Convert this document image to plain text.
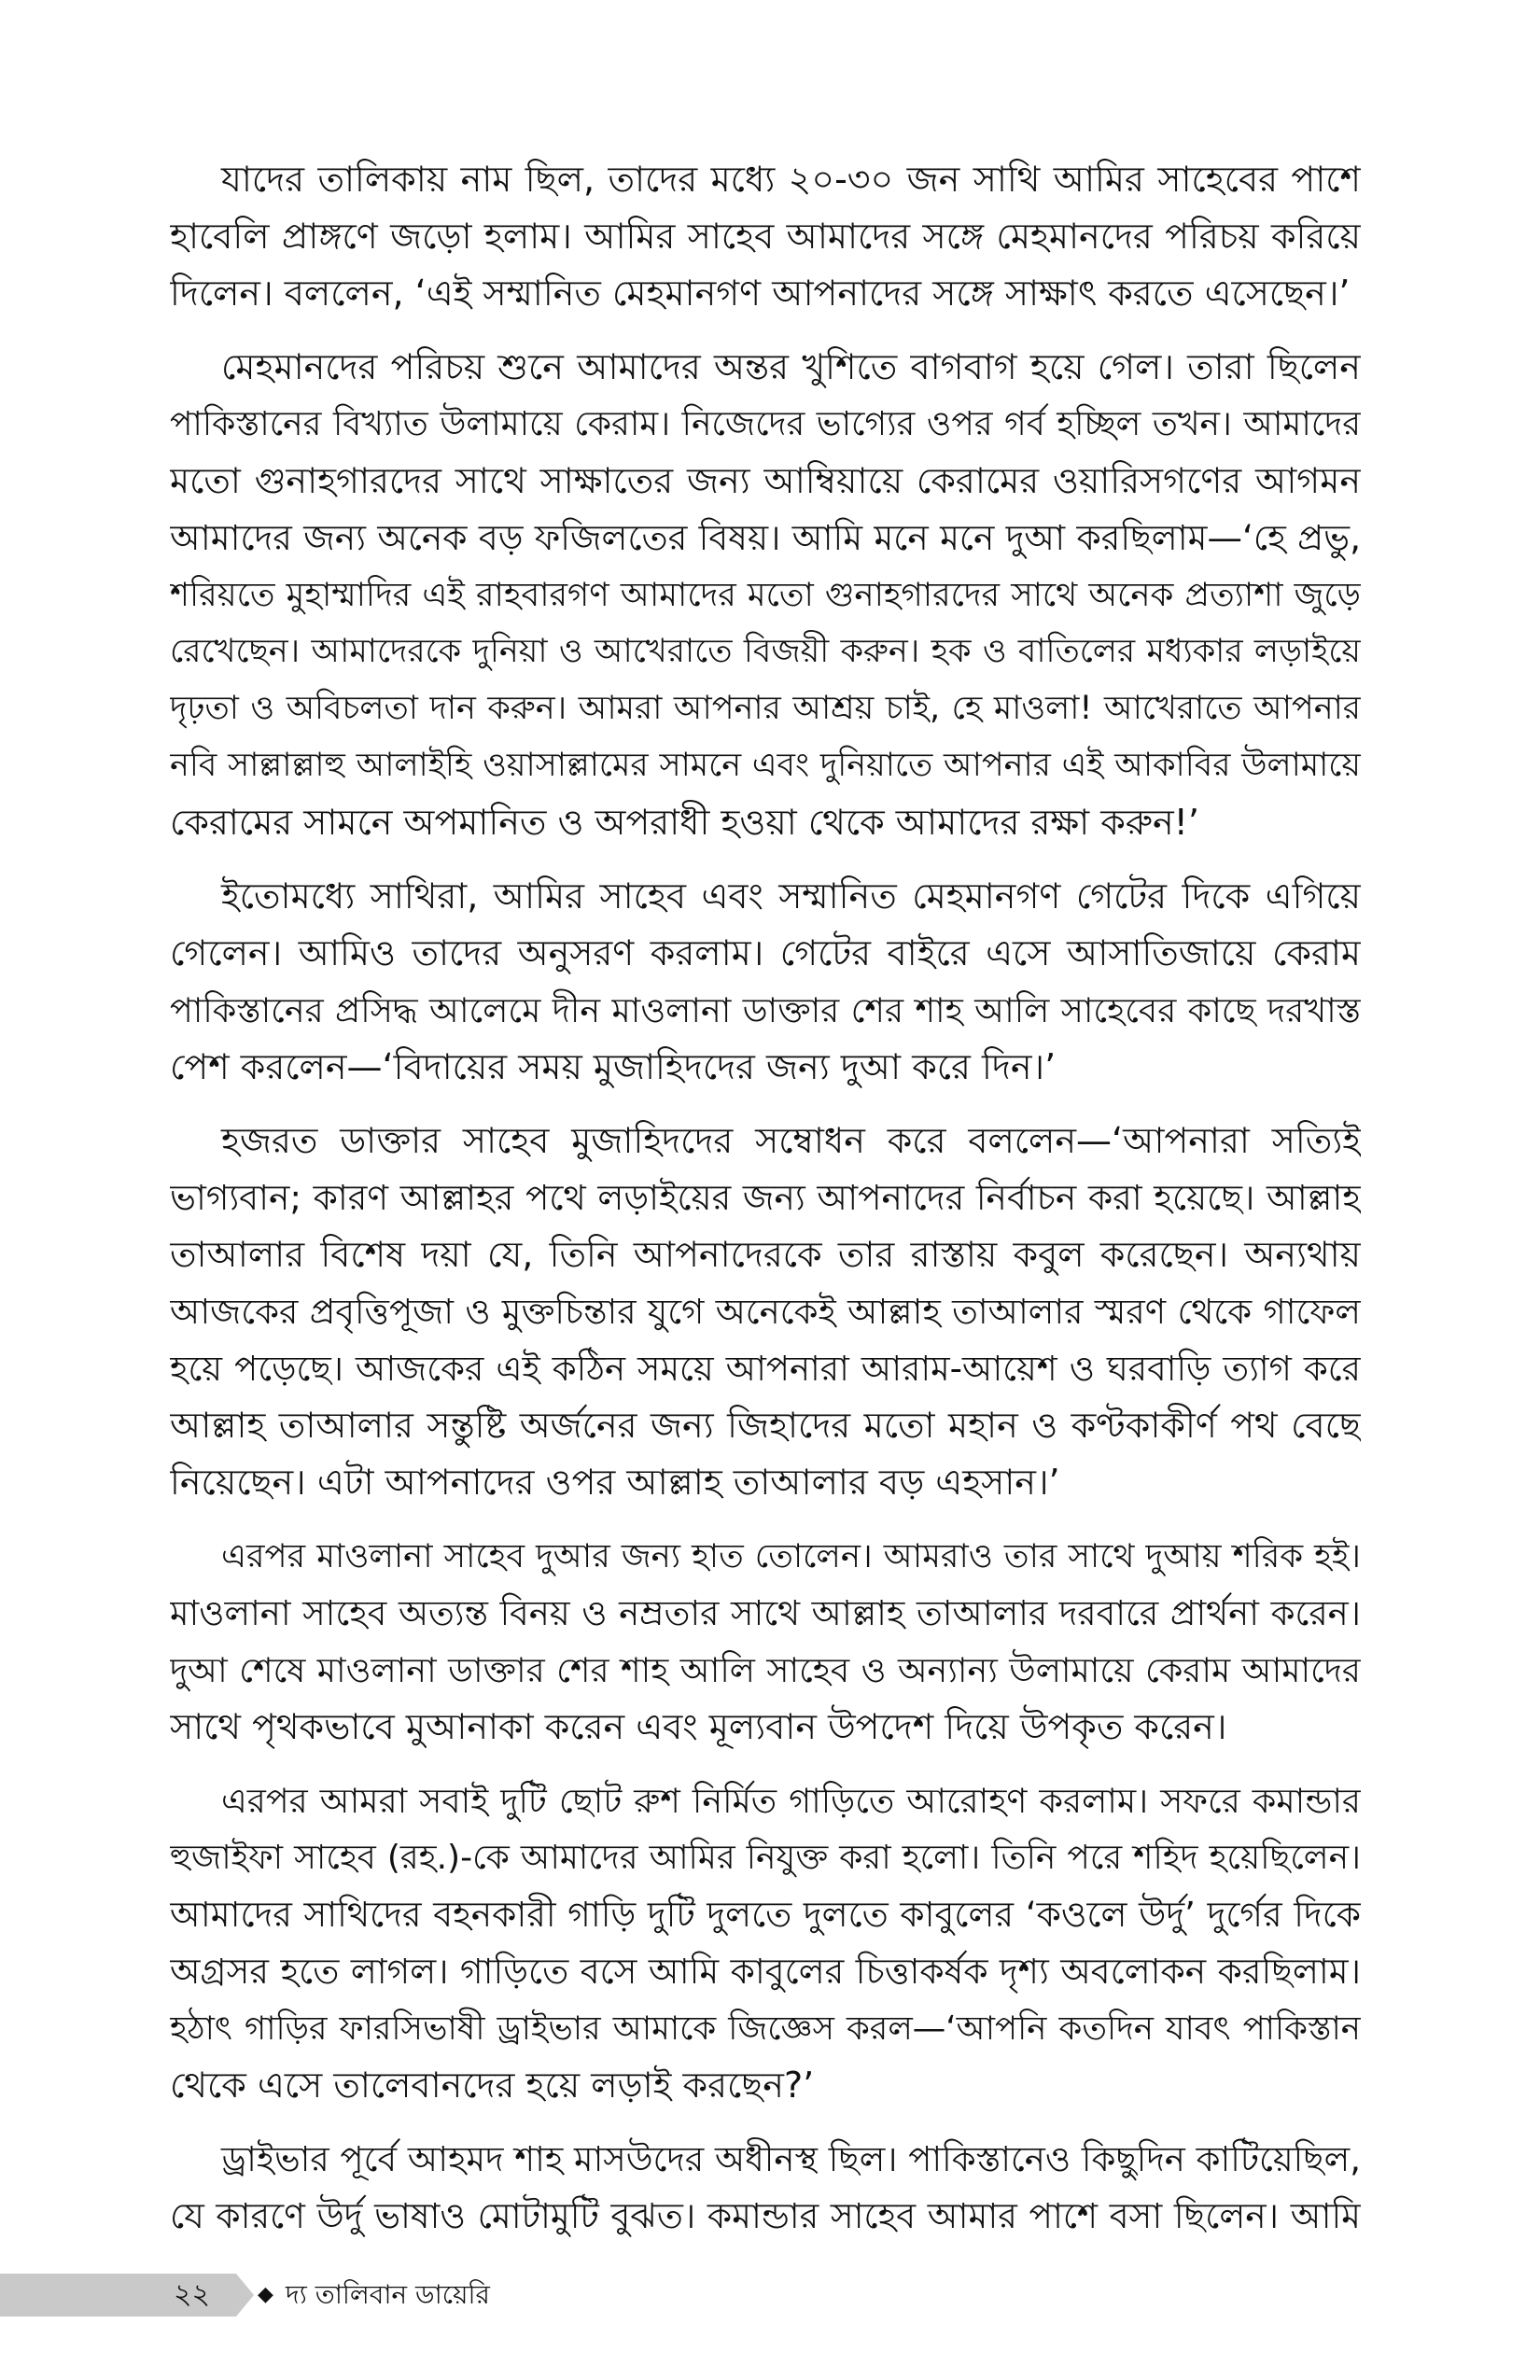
যাদের তালিকায় নাম ছিল, তাদের মধ্যে ২০-৩০ জন সাথি আমির সাহেবের পাশে
হাবেলি প্রাঙ্গণে জড়ো হলাম। আমির সাহেব আমাদের সঙ্গে মেহমানদের পরিচয় করিয়ে
দিলেন। বললেন, ‘এই সম্মানিত মেহমানগণ আপনাদের সঙ্গে সাক্ষাৎ করতে এসেছেন।’
মেহমানদের পরিচয় শুনে আমাদের অন্তর খুশিতে বাগবাগ হয়ে গেল। তারা ছিলেন
পাকিস্তানের বিখ্যাত উলামায়ে কেরাম। নিজেদের ভাগ্যের ওপর গর্ব হচ্ছিল তখন। আমাদের
মতো গুনাহগারদের সাথে সাক্ষাতের জন্য আম্বিয়ায়ে কেরামের ওয়ারিসগণের আগমন
আমাদের জন্য অনেক বড় ফজিলতের বিষয়। আমি মনে মনে দুআ করছিলাম—‘হে প্রভু,
শরিয়তে মুহাম্মাদির এই রাহবারগণ আমাদের মতো গুনাহগারদের সাথে অনেক প্রত্যাশা জুড়ে
রেখেছেন। আমাদেরকে দুনিয়া ও আখেরাতে বিজয়ী করুন। হক ও বাতিলের মধ্যকার লড়াইয়ে
দৃঢ়তা ও অবিচলতা দান করুন। আমরা আপনার আশ্রয় চাই, হে মাওলা! আখেরাতে আপনার
নবি সাল্লাল্লাহু আলাইহি ওয়াসাল্লামের সামনে এবং দুনিয়াতে আপনার এই আকাবির উলামায়ে
কেরামের সামনে অপমানিত ও অপরাধী হওয়া থেকে আমাদের রক্ষা করুন!’
ইতোমধ্যে সাথিরা, আমির সাহেব এবং সম্মানিত মেহমানগণ গেটের দিকে এগিয়ে
গেলেন। আমিও তাদের অনুসরণ করলাম। গেটের বাইরে এসে আসাতিজায়ে কেরাম
পাকিস্তানের প্রসিদ্ধ আলেমে দীন মাওলানা ডাক্তার শের শাহ আলি সাহেবের কাছে দরখাস্ত
পেশ করলেন—‘বিদায়ের সময় মুজাহিদদের জন্য দুআ করে দিন।’
হজরত ডাক্তার সাহেব মুজাহিদদের সম্বোধন করে বললেন—‘আপনারা সত্যিই
ভাগ্যবান; কারণ আল্লাহর পথে লড়াইয়ের জন্য আপনাদের নির্বাচন করা হয়েছে। আল্লাহ
তাআলার বিশেষ দয়া যে, তিনি আপনাদেরকে তার রাস্তায় কবুল করেছেন। অন্যথায়
আজকের প্রবৃত্তিপূজা ও মুক্তচিন্তার যুগে অনেকেই আল্লাহ তাআলার স্মরণ থেকে গাফেল
হয়ে পড়েছে। আজকের এই কঠিন সময়ে আপনারা আরাম-আয়েশ ও ঘরবাড়ি ত্যাগ করে
আল্লাহ তাআলার সন্তুষ্টি অর্জনের জন্য জিহাদের মতো মহান ও কণ্টকাকীর্ণ পথ বেছে
নিয়েছেন। এটা আপনাদের ওপর আল্লাহ তাআলার বড় এহসান।’
এরপর মাওলানা সাহেব দুআর জন্য হাত তোলেন। আমরাও তার সাথে দুআয় শরিক হই।
মাওলানা সাহেব অত্যন্ত বিনয় ও নম্রতার সাথে আল্লাহ তাআলার দরবারে প্রার্থনা করেন।
দুআ শেষে মাওলানা ডাক্তার শের শাহ আলি সাহেব ও অন্যান্য উলামায়ে কেরাম আমাদের
সাথে পৃথকভাবে মুআনাকা করেন এবং মূল্যবান উপদেশ দিয়ে উপকৃত করেন।
এরপর আমরা সবাই দুটি ছোট রুশ নির্মিত গাড়িতে আরোহণ করলাম। সফরে কমান্ডার
হুজাইফা সাহেব (রহ.)-কে আমাদের আমির নিযুক্ত করা হলো। তিনি পরে শহিদ হয়েছিলেন।
আমাদের সাথিদের বহনকারী গাড়ি দুটি দুলতে দুলতে কাবুলের ‘কওলে উর্দু’ দুর্গের দিকে
অগ্রসর হতে লাগল। গাড়িতে বসে আমি কাবুলের চিত্তাকর্ষক দৃশ্য অবলোকন করছিলাম।
হঠাৎ গাড়ির ফারসিভাষী ড্রাইভার আমাকে জিজ্ঞেস করল—‘আপনি কতদিন যাবৎ পাকিস্তান
থেকে এসে তালেবানদের হয়ে লড়াই করছেন?’
ড্রাইভার পূর্বে আহমদ শাহ মাসউদের অধীনস্থ ছিল। পাকিস্তানেও কিছুদিন কাটিয়েছিল,
যে কারণে উর্দু ভাষাও মোটামুটি বুঝত। কমান্ডার সাহেব আমার পাশে বসা ছিলেন। আমি
২২ ◆ দ্য তালিবান ডায়েরি
